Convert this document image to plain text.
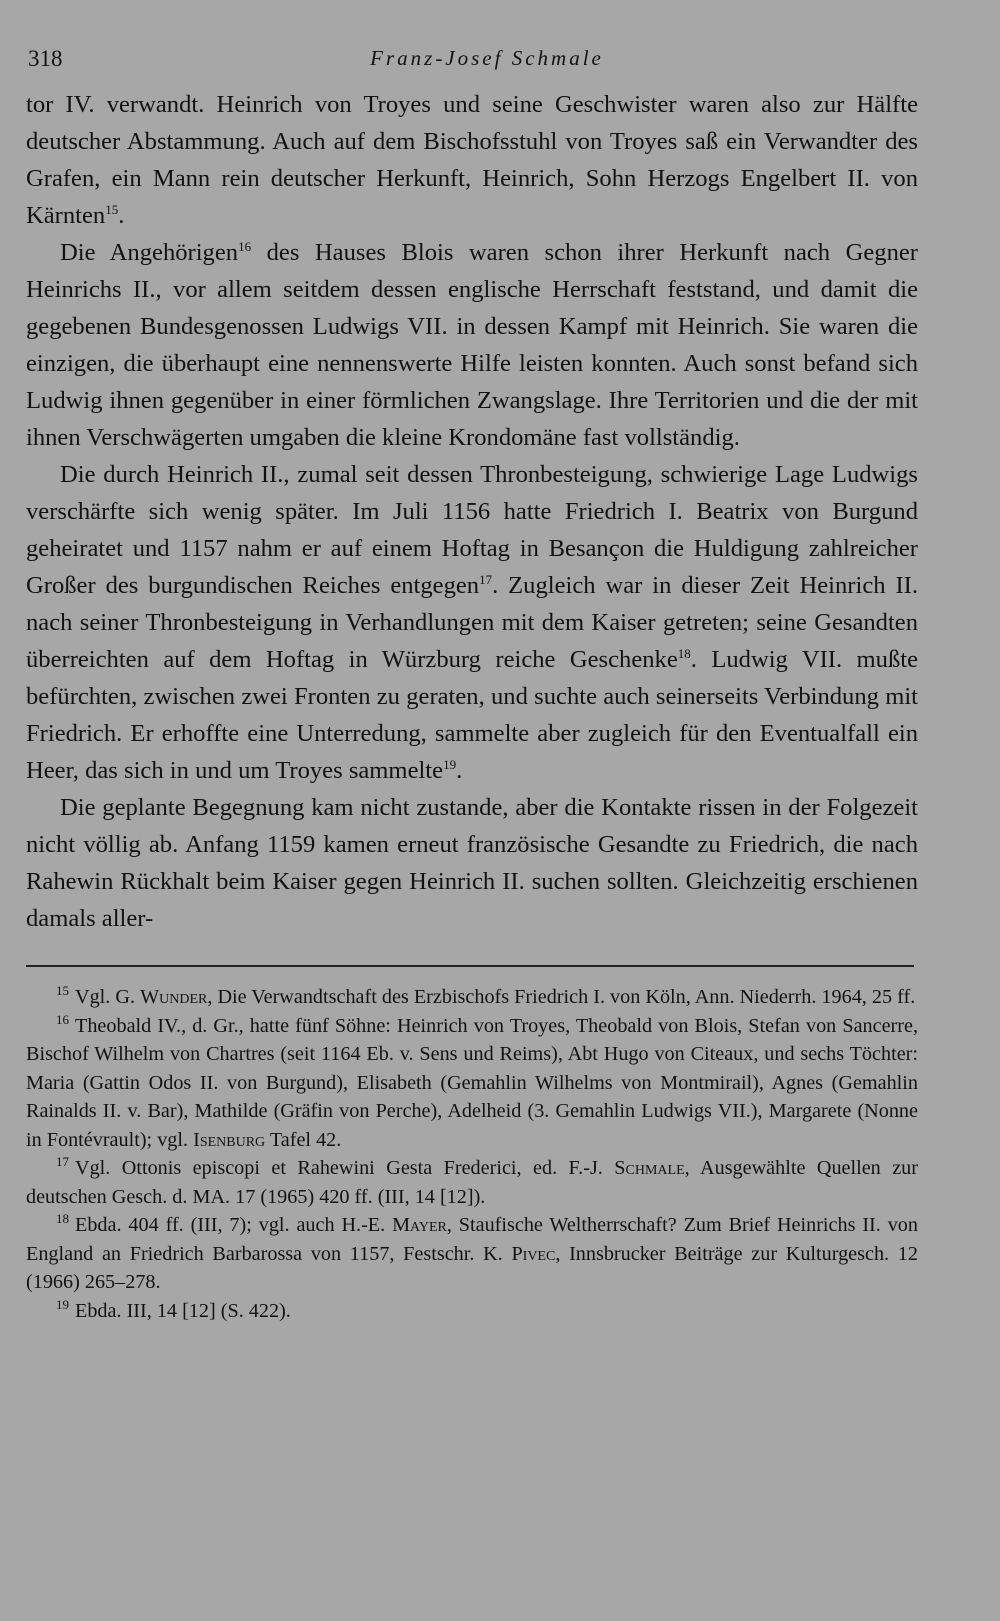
318	Franz-Josef Schmale

tor IV. verwandt. Heinrich von Troyes und seine Geschwister waren also zur Hälfte deutscher Abstammung. Auch auf dem Bischofsstuhl von Troyes saß ein Verwandter des Grafen, ein Mann rein deutscher Herkunft, Heinrich, Sohn Herzogs Engelbert II. von Kärnten$^{15}$.

Die Angehörigen$^{16}$ des Hauses Blois waren schon ihrer Herkunft nach Gegner Heinrichs II., vor allem seitdem dessen englische Herrschaft feststand, und damit die gegebenen Bundesgenossen Ludwigs VII. in dessen Kampf mit Heinrich. Sie waren die einzigen, die überhaupt eine nennenswerte Hilfe leisten konnten. Auch sonst befand sich Ludwig ihnen gegenüber in einer förmlichen Zwangslage. Ihre Territorien und die der mit ihnen Verschwägerten umgaben die kleine Krondomäne fast vollständig.

Die durch Heinrich II., zumal seit dessen Thronbesteigung, schwierige Lage Ludwigs verschärfte sich wenig später. Im Juli 1156 hatte Friedrich I. Beatrix von Burgund geheiratet und 1157 nahm er auf einem Hoftag in Besançon die Huldigung zahlreicher Großer des burgundischen Reiches entgegen$^{17}$. Zugleich war in dieser Zeit Heinrich II. nach seiner Thronbesteigung in Verhandlungen mit dem Kaiser getreten; seine Gesandten überreichten auf dem Hoftag in Würzburg reiche Geschenke$^{18}$. Ludwig VII. mußte befürchten, zwischen zwei Fronten zu geraten, und suchte auch seinerseits Verbindung mit Friedrich. Er erhoffte eine Unterredung, sammelte aber zugleich für den Eventualfall ein Heer, das sich in und um Troyes sammelte$^{19}$.

Die geplante Begegnung kam nicht zustande, aber die Kontakte rissen in der Folgezeit nicht völlig ab. Anfang 1159 kamen erneut französische Gesandte zu Friedrich, die nach Rahewin Rückhalt beim Kaiser gegen Heinrich II. suchen sollten. Gleichzeitig erschienen damals aller-

$^{15}$ Vgl. G. Wunder, Die Verwandtschaft des Erzbischofs Friedrich I. von Köln, Ann. Niederrh. 1964, 25 ff.

$^{16}$ Theobald IV., d. Gr., hatte fünf Söhne: Heinrich von Troyes, Theobald von Blois, Stefan von Sancerre, Bischof Wilhelm von Chartres (seit 1164 Eb. v. Sens und Reims), Abt Hugo von Citeaux, und sechs Töchter: Maria (Gattin Odos II. von Burgund), Elisabeth (Gemahlin Wilhelms von Montmirail), Agnes (Gemahlin Rainalds II. v. Bar), Mathilde (Gräfin von Perche), Adelheid (3. Gemahlin Ludwigs VII.), Margarete (Nonne in Fontévrault); vgl. Isenburg Tafel 42.

$^{17}$ Vgl. Ottonis episcopi et Rahewini Gesta Frederici, ed. F.-J. Schmale, Ausgewählte Quellen zur deutschen Gesch. d. MA. 17 (1965) 420 ff. (III, 14 [12]).

$^{18}$ Ebda. 404 ff. (III, 7); vgl. auch H.-E. Mayer, Staufische Weltherrschaft? Zum Brief Heinrichs II. von England an Friedrich Barbarossa von 1157, Festschr. K. Pivec, Innsbrucker Beiträge zur Kulturgesch. 12 (1966) 265–278.

$^{19}$ Ebda. III, 14 [12] (S. 422).
